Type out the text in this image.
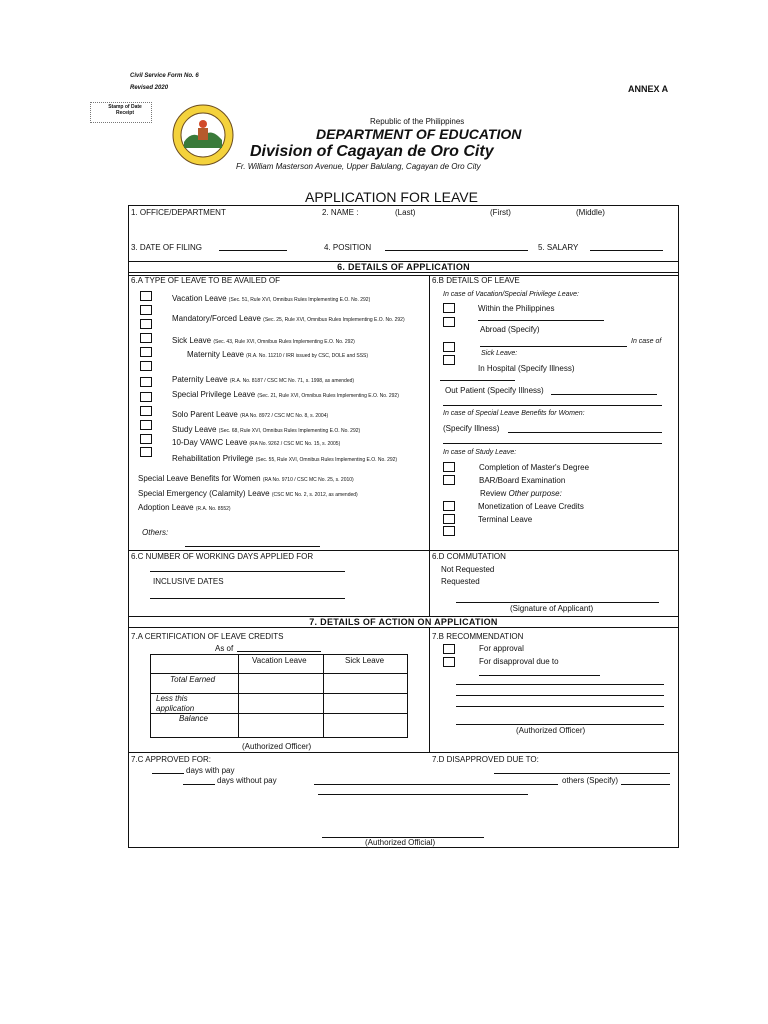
Civil Service Form No. 6
Revised 2020	ANNEX A
Stamp of Date Receipt
Republic of the Philippines
DEPARTMENT OF EDUCATION
Division of Cagayan de Oro City
Fr. William Masterson Avenue, Upper Balulang, Cagayan de Oro City
APPLICATION FOR LEAVE
1. OFFICE/DEPARTMENT	2. NAME :	(Last)	(First)	(Middle)
3. DATE OF FILING	4. POSITION	5. SALARY
6. DETAILS OF APPLICATION
6.A TYPE OF LEAVE TO BE AVAILED OF	6.B DETAILS OF LEAVE
Vacation Leave (Sec. 51, Rule XVI, Omnibus Rules Implementing E.O. No. 292)
Mandatory/Forced Leave (Sec. 25, Rule XVI, Omnibus Rules Implementing E.O. No. 292)
Sick Leave (Sec. 43, Rule XVI, Omnibus Rules Implementing E.O. No. 292)
Maternity Leave (R.A. No. 11210 / IRR issued by CSC, DOLE and SSS)
Paternity Leave (R.A. No. 8187 / CSC MC No. 71, s. 1998, as amended)
Special Privilege Leave (Sec. 21, Rule XVI, Omnibus Rules Implementing E.O. No. 292)
Solo Parent Leave (RA No. 8972 / CSC MC No. 8, s. 2004)
Study Leave (Sec. 68, Rule XVI, Omnibus Rules Implementing E.O. No. 292)
10-Day VAWC Leave (RA No. 9262 / CSC MC No. 15, s. 2005)
Rehabilitation Privilege (Sec. 55, Rule XVI, Omnibus Rules Implementing E.O. No. 292)
Special Leave Benefits for Women (RA No. 9710 / CSC MC No. 25, s. 2010)
Special Emergency (Calamity) Leave (CSC MC No. 2, s. 2012, as amended)
Adoption Leave (R.A. No. 8552)
Others:
In case of Vacation/Special Privilege Leave:
Within the Philippines
Abroad (Specify)
In case of
Sick Leave:
In Hospital (Specify Illness)
Out Patient (Specify Illness)
In case of Special Leave Benefits for Women:
(Specify Illness)
In case of Study Leave:
Completion of Master's Degree
BAR/Board Examination
Review Other purpose:
Monetization of Leave Credits
Terminal Leave
6.C NUMBER OF WORKING DAYS APPLIED FOR
INCLUSIVE DATES
6.D COMMUTATION
Not Requested
Requested
(Signature of Applicant)
7. DETAILS OF ACTION ON APPLICATION
7.A CERTIFICATION OF LEAVE CREDITS
As of
Vacation Leave	Sick Leave
Total Earned
Less this application
Balance
(Authorized Officer)
7.B RECOMMENDATION
For approval
For disapproval due to
(Authorized Officer)
7.C APPROVED FOR:
days with pay
days without pay	others (Specify)
7.D DISAPPROVED DUE TO:
(Authorized Official)
